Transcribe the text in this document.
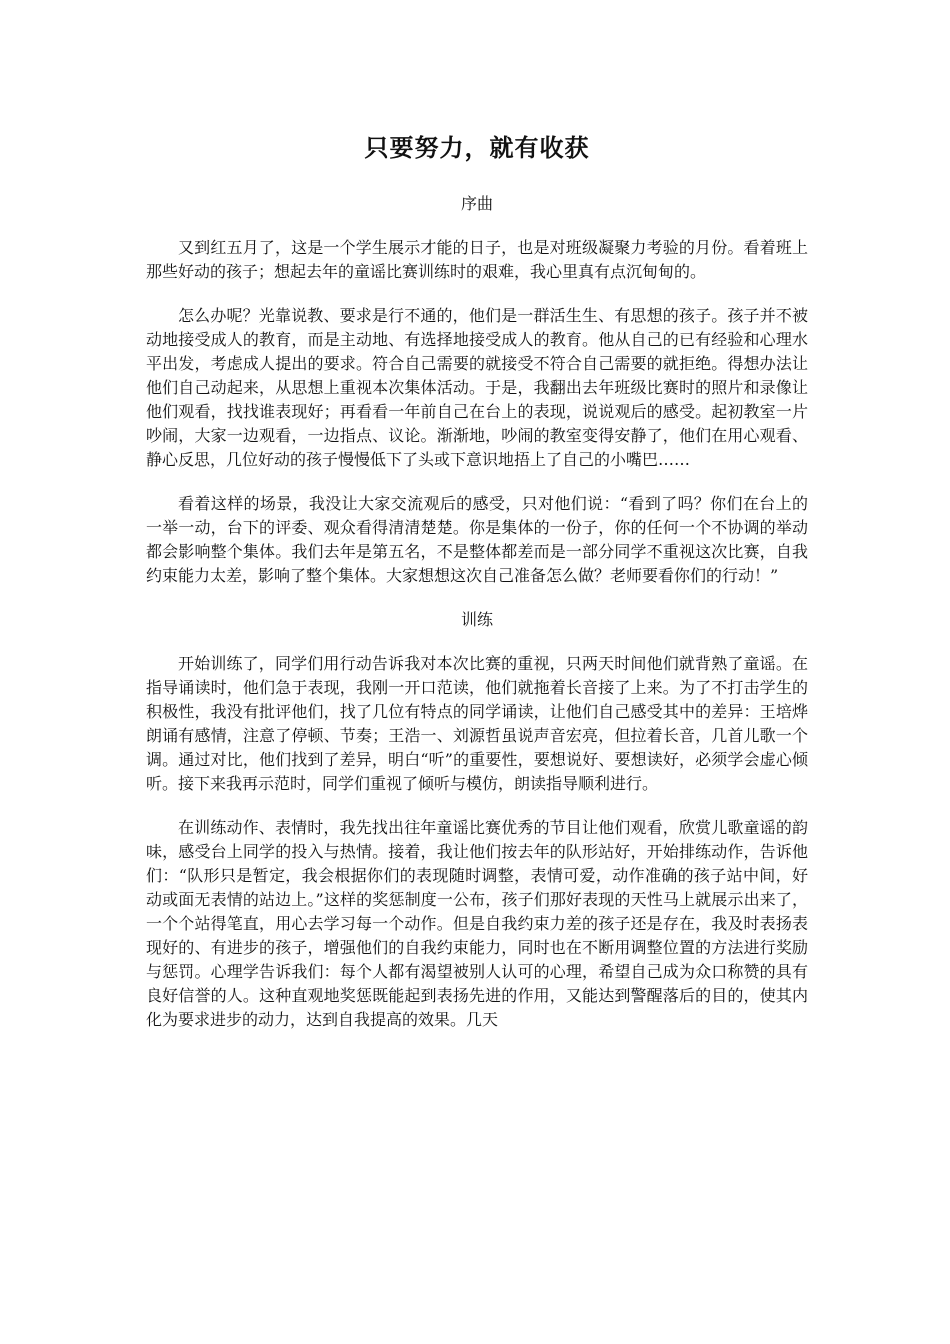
只要努力，就有收获
序曲

又到红五月了，这是一个学生展示才能的日子，也是对班级凝聚力考验的月份。看着班上那些好动的孩子；想起去年的童谣比赛训练时的艰难，我心里真有点沉甸甸的。

怎么办呢？光靠说教、要求是行不通的，他们是一群活生生、有思想的孩子。孩子并不被动地接受成人的教育，而是主动地、有选择地接受成人的教育。他从自己的已有经验和心理水平出发，考虑成人提出的要求。符合自己需要的就接受不符合自己需要的就拒绝。得想办法让他们自己动起来，从思想上重视本次集体活动。于是，我翻出去年班级比赛时的照片和录像让他们观看，找找谁表现好；再看看一年前自己在台上的表现，说说观后的感受。起初教室一片吵闹，大家一边观看，一边指点、议论。渐渐地，吵闹的教室变得安静了，他们在用心观看、静心反思，几位好动的孩子慢慢低下了头或下意识地捂上了自己的小嘴巴……

看着这样的场景，我没让大家交流观后的感受，只对他们说：“看到了吗？你们在台上的一举一动，台下的评委、观众看得清清楚楚。你是集体的一份子，你的任何一个不协调的举动都会影响整个集体。我们去年是第五名，不是整体都差而是一部分同学不重视这次比赛，自我约束能力太差，影响了整个集体。大家想想这次自己准备怎么做？老师要看你们的行动！”

训练

开始训练了，同学们用行动告诉我对本次比赛的重视，只两天时间他们就背熟了童谣。在指导诵读时，他们急于表现，我刚一开口范读，他们就拖着长音接了上来。为了不打击学生的积极性，我没有批评他们，找了几位有特点的同学诵读，让他们自己感受其中的差异：王培烨朗诵有感情，注意了停顿、节奏；王浩一、刘源哲虽说声音宏亮，但拉着长音，几首儿歌一个调。通过对比，他们找到了差异，明白“听”的重要性，要想说好、要想读好，必须学会虚心倾听。接下来我再示范时，同学们重视了倾听与模仿，朗读指导顺利进行。

在训练动作、表情时，我先找出往年童谣比赛优秀的节目让他们观看，欣赏儿歌童谣的韵味，感受台上同学的投入与热情。接着，我让他们按去年的队形站好，开始排练动作，告诉他们：“队形只是暂定，我会根据你们的表现随时调整，表情可爱，动作准确的孩子站中间，好动或面无表情的站边上。”这样的奖惩制度一公布，孩子们那好表现的天性马上就展示出来了，一个个站得笔直，用心去学习每一个动作。但是自我约束力差的孩子还是存在，我及时表扬表现好的、有进步的孩子，增强他们的自我约束能力，同时也在不断用调整位置的方法进行奖励与惩罚。心理学告诉我们：每个人都有渴望被别人认可的心理，希望自己成为众口称赞的具有良好信誉的人。这种直观地奖惩既能起到表扬先进的作用，又能达到警醒落后的目的，使其内化为要求进步的动力，达到自我提高的效果。几天
